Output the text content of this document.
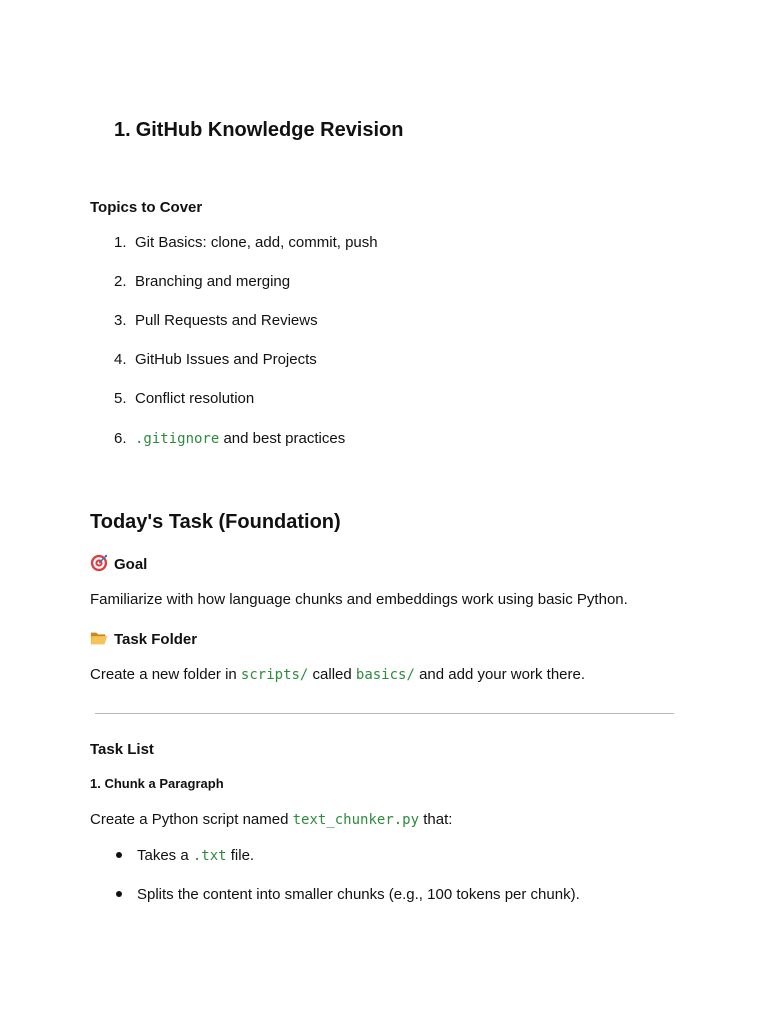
1. GitHub Knowledge Revision
Topics to Cover
1. Git Basics: clone, add, commit, push
2. Branching and merging
3. Pull Requests and Reviews
4. GitHub Issues and Projects
5. Conflict resolution
6. .gitignore and best practices
Today's Task (Foundation)
Goal

Familiarize with how language chunks and embeddings work using basic Python.

Task Folder

Create a new folder in scripts/ called basics/ and add your work there.

Task List
1. Chunk a Paragraph

Create a Python script named text_chunker.py that:

Takes a .txt file.
Splits the content into smaller chunks (e.g., 100 tokens per chunk).
